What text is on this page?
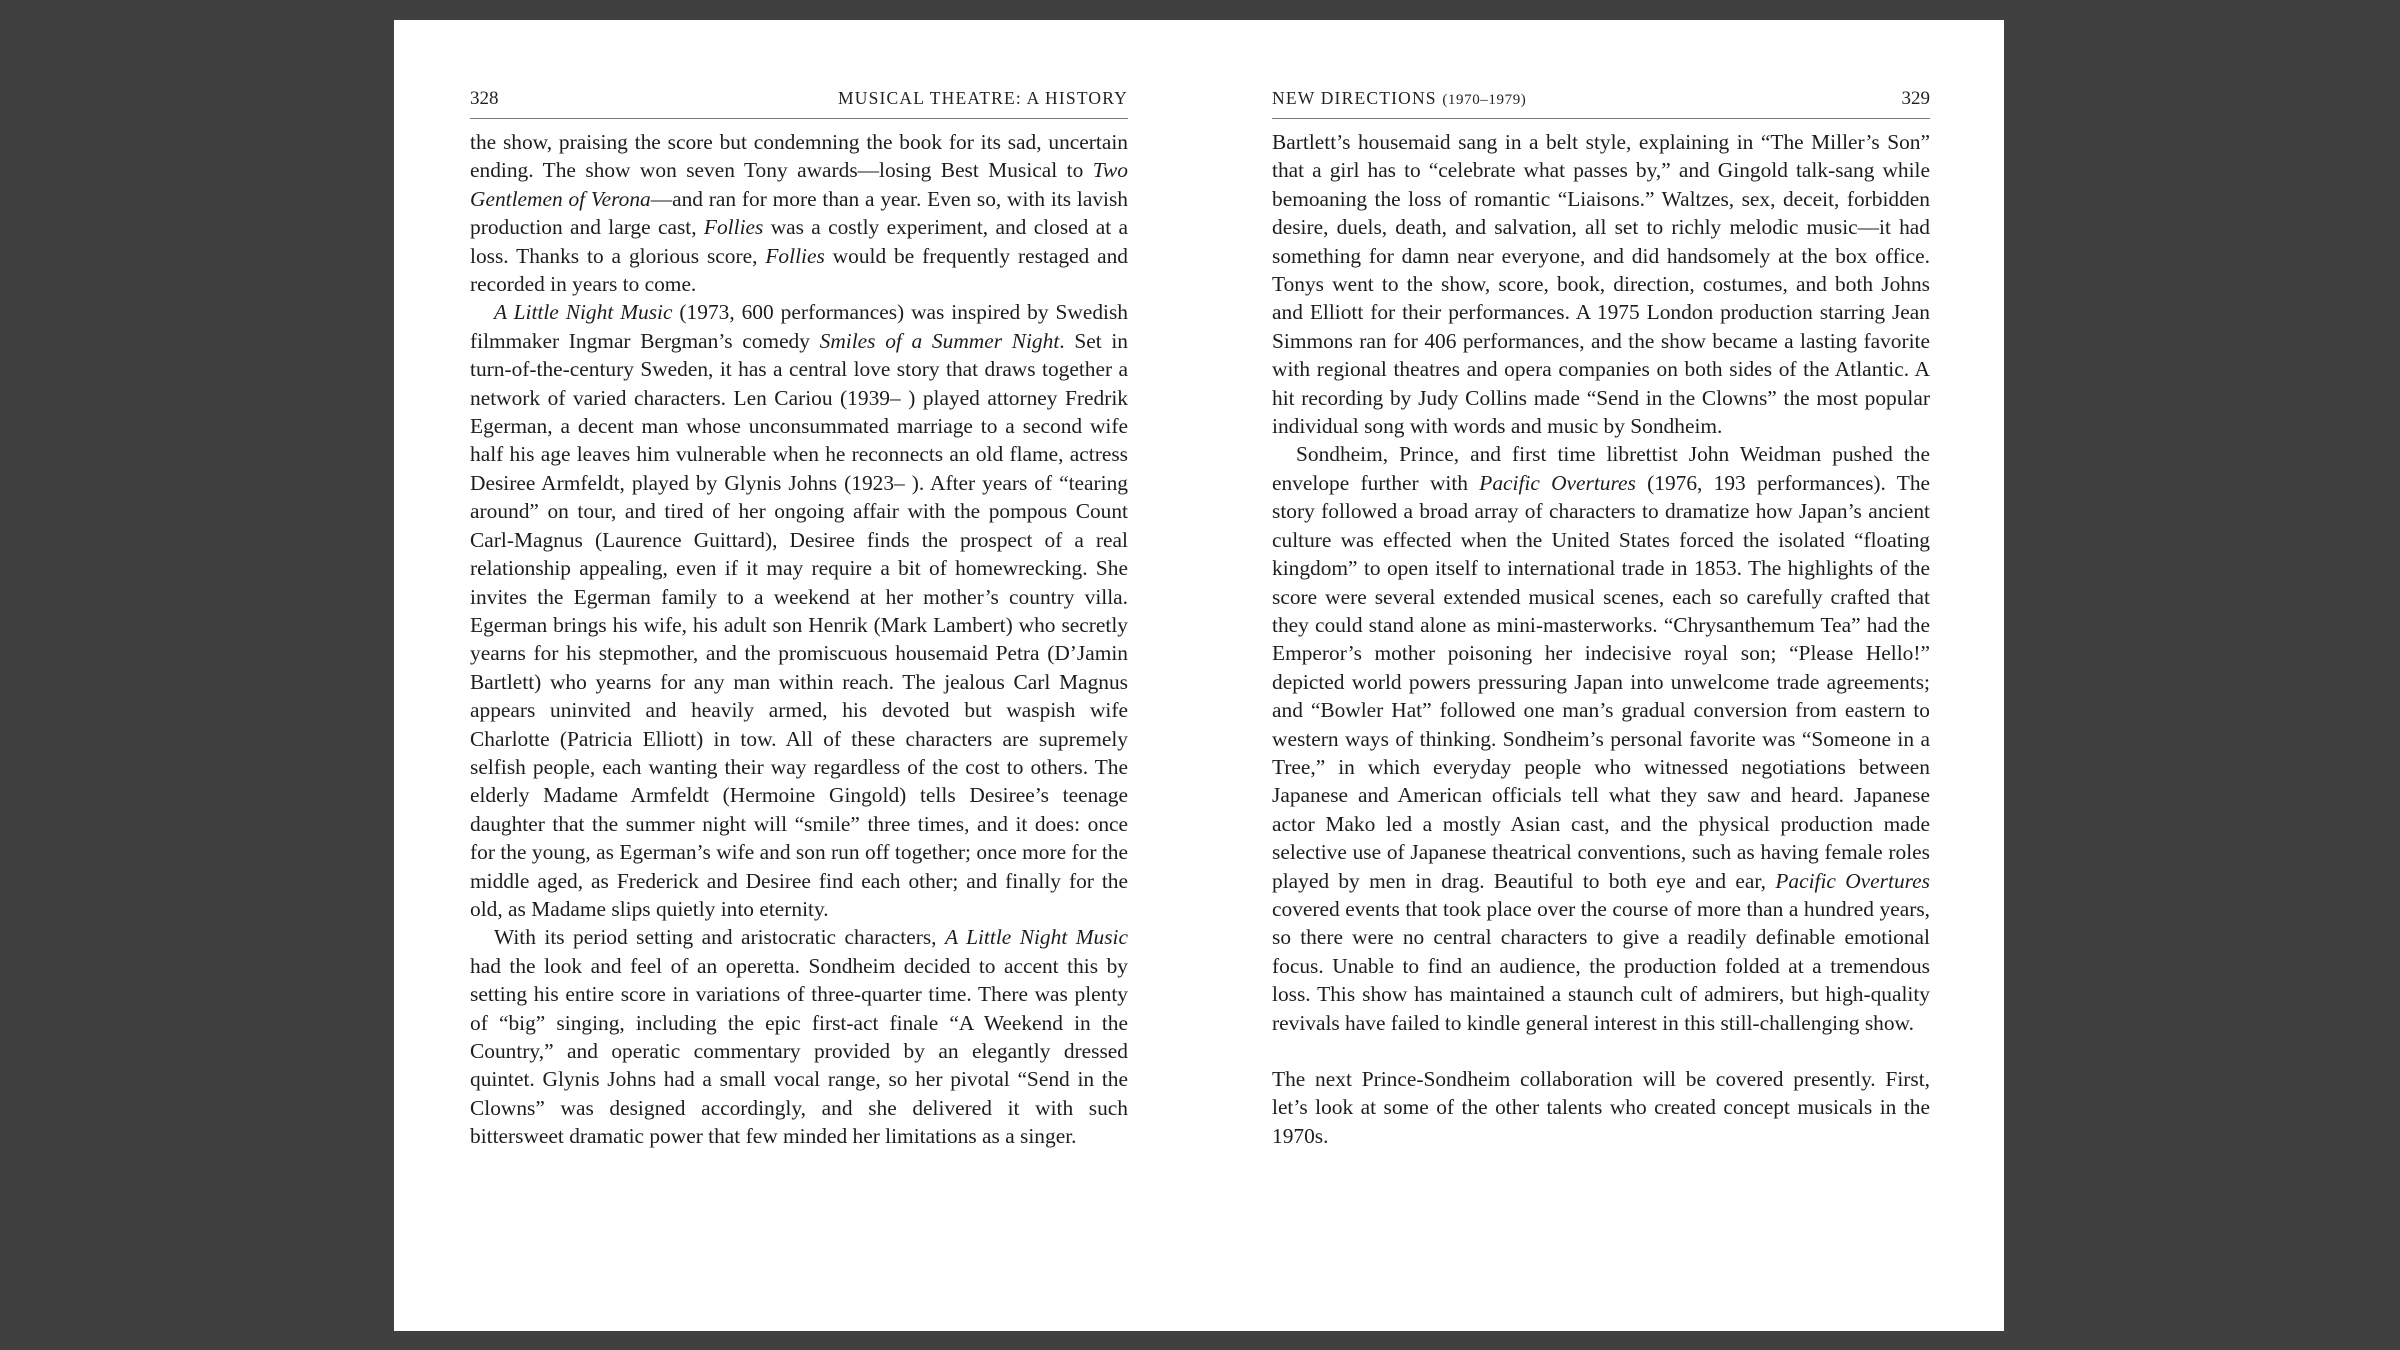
328	MUSICAL THEATRE: A HISTORY

the show, praising the score but condemning the book for its sad, uncertain ending. The show won seven Tony awards—losing Best Musical to Two Gentlemen of Verona—and ran for more than a year. Even so, with its lavish production and large cast, Follies was a costly experiment, and closed at a loss. Thanks to a glorious score, Follies would be frequently restaged and recorded in years to come.

A Little Night Music (1973, 600 performances) was inspired by Swedish filmmaker Ingmar Bergman’s comedy Smiles of a Summer Night. Set in turn-of-the-century Sweden, it has a central love story that draws together a network of varied characters. Len Cariou (1939– ) played attorney Fredrik Egerman, a decent man whose unconsummated marriage to a second wife half his age leaves him vulnerable when he reconnects an old flame, actress Desiree Armfeldt, played by Glynis Johns (1923– ). After years of “tearing around” on tour, and tired of her ongoing affair with the pompous Count Carl-Magnus (Laurence Guittard), Desiree finds the prospect of a real relationship appealing, even if it may require a bit of homewrecking. She invites the Egerman family to a weekend at her mother’s country villa. Egerman brings his wife, his adult son Henrik (Mark Lambert) who secretly yearns for his stepmother, and the promiscuous housemaid Petra (D’Jamin Bartlett) who yearns for any man within reach. The jealous Carl Magnus appears uninvited and heavily armed, his devoted but waspish wife Charlotte (Patricia Elliott) in tow. All of these characters are supremely selfish people, each wanting their way regardless of the cost to others. The elderly Madame Armfeldt (Hermoine Gingold) tells Desiree’s teenage daughter that the summer night will “smile” three times, and it does: once for the young, as Egerman’s wife and son run off together; once more for the middle aged, as Frederick and Desiree find each other; and finally for the old, as Madame slips quietly into eternity.

With its period setting and aristocratic characters, A Little Night Music had the look and feel of an operetta. Sondheim decided to accent this by setting his entire score in variations of three-quarter time. There was plenty of “big” singing, including the epic first-act finale “A Weekend in the Country,” and operatic commentary provided by an elegantly dressed quintet. Glynis Johns had a small vocal range, so her pivotal “Send in the Clowns” was designed accordingly, and she delivered it with such bittersweet dramatic power that few minded her limitations as a singer.

NEW DIRECTIONS (1970–1979)	329

Bartlett’s housemaid sang in a belt style, explaining in “The Miller’s Son” that a girl has to “celebrate what passes by,” and Gingold talk-sang while bemoaning the loss of romantic “Liaisons.” Waltzes, sex, deceit, forbidden desire, duels, death, and salvation, all set to richly melodic music—it had something for damn near everyone, and did handsomely at the box office. Tonys went to the show, score, book, direction, costumes, and both Johns and Elliott for their performances. A 1975 London production starring Jean Simmons ran for 406 performances, and the show became a lasting favorite with regional theatres and opera companies on both sides of the Atlantic. A hit recording by Judy Collins made “Send in the Clowns” the most popular individual song with words and music by Sondheim.

Sondheim, Prince, and first time librettist John Weidman pushed the envelope further with Pacific Overtures (1976, 193 performances). The story followed a broad array of characters to dramatize how Japan’s ancient culture was effected when the United States forced the isolated “floating kingdom” to open itself to international trade in 1853. The highlights of the score were several extended musical scenes, each so carefully crafted that they could stand alone as mini-masterworks. “Chrysanthemum Tea” had the Emperor’s mother poisoning her indecisive royal son; “Please Hello!” depicted world powers pressuring Japan into unwelcome trade agreements; and “Bowler Hat” followed one man’s gradual conversion from eastern to western ways of thinking. Sondheim’s personal favorite was “Someone in a Tree,” in which everyday people who witnessed negotiations between Japanese and American officials tell what they saw and heard. Japanese actor Mako led a mostly Asian cast, and the physical production made selective use of Japanese theatrical conventions, such as having female roles played by men in drag. Beautiful to both eye and ear, Pacific Overtures covered events that took place over the course of more than a hundred years, so there were no central characters to give a readily definable emotional focus. Unable to find an audience, the production folded at a tremendous loss. This show has maintained a staunch cult of admirers, but high-quality revivals have failed to kindle general interest in this still-challenging show.

The next Prince-Sondheim collaboration will be covered presently. First, let’s look at some of the other talents who created concept musicals in the 1970s.
